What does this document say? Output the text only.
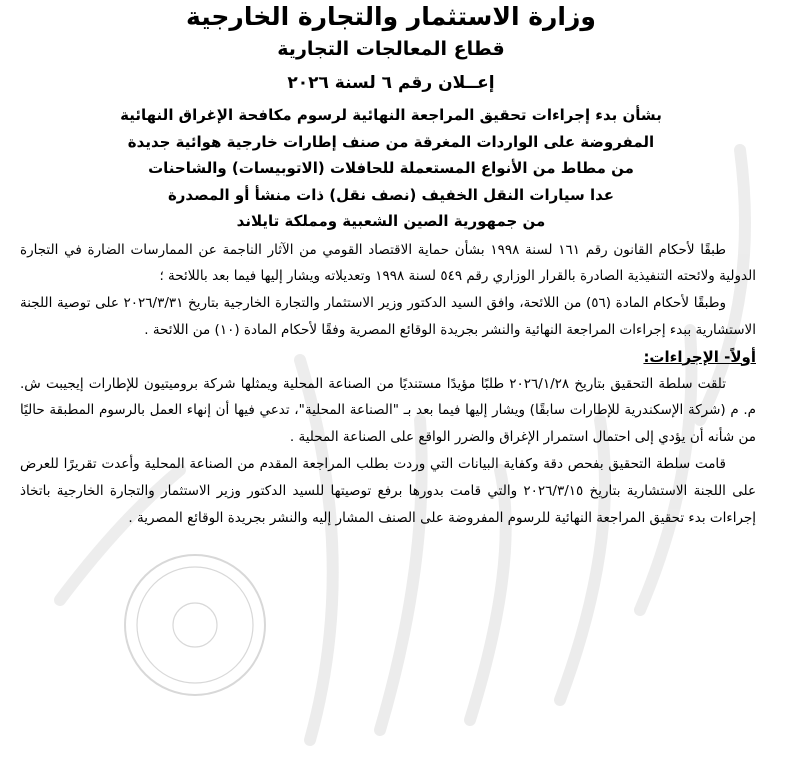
وزارة الاستثمار والتجارة الخارجية
قطاع المعالجات التجارية
إعــلان رقم ٦ لسنة ٢٠٢٦
بشأن بدء إجراءات تحقيق المراجعة النهائية لرسوم مكافحة الإغراق النهائية
المفروضة على الواردات المغرقة من صنف إطارات خارجية هوائية جديدة
من مطاط من الأنواع المستعملة للحافلات (الاتوبيسات) والشاحنات
عدا سيارات النقل الخفيف (نصف نقل) ذات منشأ أو المصدرة
من جمهورية الصين الشعبية ومملكة تايلاند

طبقًا لأحكام القانون رقم ١٦١ لسنة ١٩٩٨ بشأن حماية الاقتصاد القومي من الآثار الناجمة عن الممارسات الضارة في التجارة الدولية ولائحته التنفيذية الصادرة بالقرار الوزاري رقم ٥٤٩ لسنة ١٩٩٨ وتعديلاته ويشار إليها فيما بعد باللائحة ؛

وطبقًا لأحكام المادة (٥٦) من اللائحة، وافق السيد الدكتور وزير الاستثمار والتجارة الخارجية بتاريخ ٢٠٢٦/٣/٣١ على توصية اللجنة الاستشارية ببدء إجراءات المراجعة النهائية والنشر بجريدة الوقائع المصرية وفقًا لأحكام المادة (١٠) من اللائحة .

أولاً- الإجراءات:

تلقت سلطة التحقيق بتاريخ ٢٠٢٦/١/٢٨ طلبًا مؤيدًا مستنديًا من الصناعة المحلية ويمثلها شركة بروميتيون للإطارات إيجيبت ش. م. م (شركة الإسكندرية للإطارات سابقًا) ويشار إليها فيما بعد بـ "الصناعة المحلية"، تدعي فيها أن إنهاء العمل بالرسوم المطبقة حاليًا من شأنه أن يؤدي إلى احتمال استمرار الإغراق والضرر الواقع على الصناعة المحلية .

قامت سلطة التحقيق بفحص دقة وكفاية البيانات التي وردت بطلب المراجعة المقدم من الصناعة المحلية وأعدت تقريرًا للعرض على اللجنة الاستشارية بتاريخ ٢٠٢٦/٣/١٥ والتي قامت بدورها برفع توصيتها للسيد الدكتور وزير الاستثمار والتجارة الخارجية باتخاذ إجراءات بدء تحقيق المراجعة النهائية للرسوم المفروضة على الصنف المشار إليه والنشر بجريدة الوقائع المصرية .
